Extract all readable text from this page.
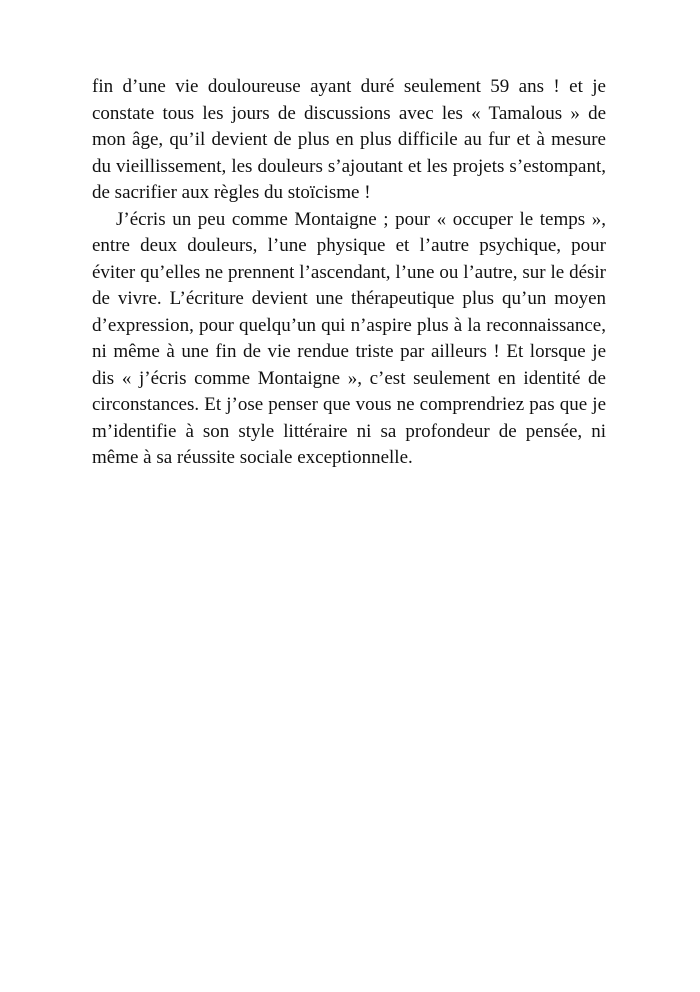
fin d’une vie douloureuse ayant duré seulement 59 ans ! et je constate tous les jours de discussions avec les « Tamalous » de mon âge, qu’il devient de plus en plus difficile au fur et à mesure du vieillissement, les douleurs s’ajoutant et les projets s’estompant, de sacrifier aux règles du stoïcisme !

J’écris un peu comme Montaigne ; pour « occuper le temps », entre deux douleurs, l’une physique et l’autre psychique, pour éviter qu’elles ne prennent l’ascendant, l’une ou l’autre, sur le désir de vivre. L’écriture devient une thérapeutique plus qu’un moyen d’expression, pour quelqu’un qui n’aspire plus à la reconnaissance, ni même à une fin de vie rendue triste par ailleurs ! Et lorsque je dis « j’écris comme Montaigne », c’est seulement en identité de circonstances. Et j’ose penser que vous ne comprendriez pas que je m’identifie à son style littéraire ni sa profondeur de pensée, ni même à sa réussite sociale exceptionnelle.
